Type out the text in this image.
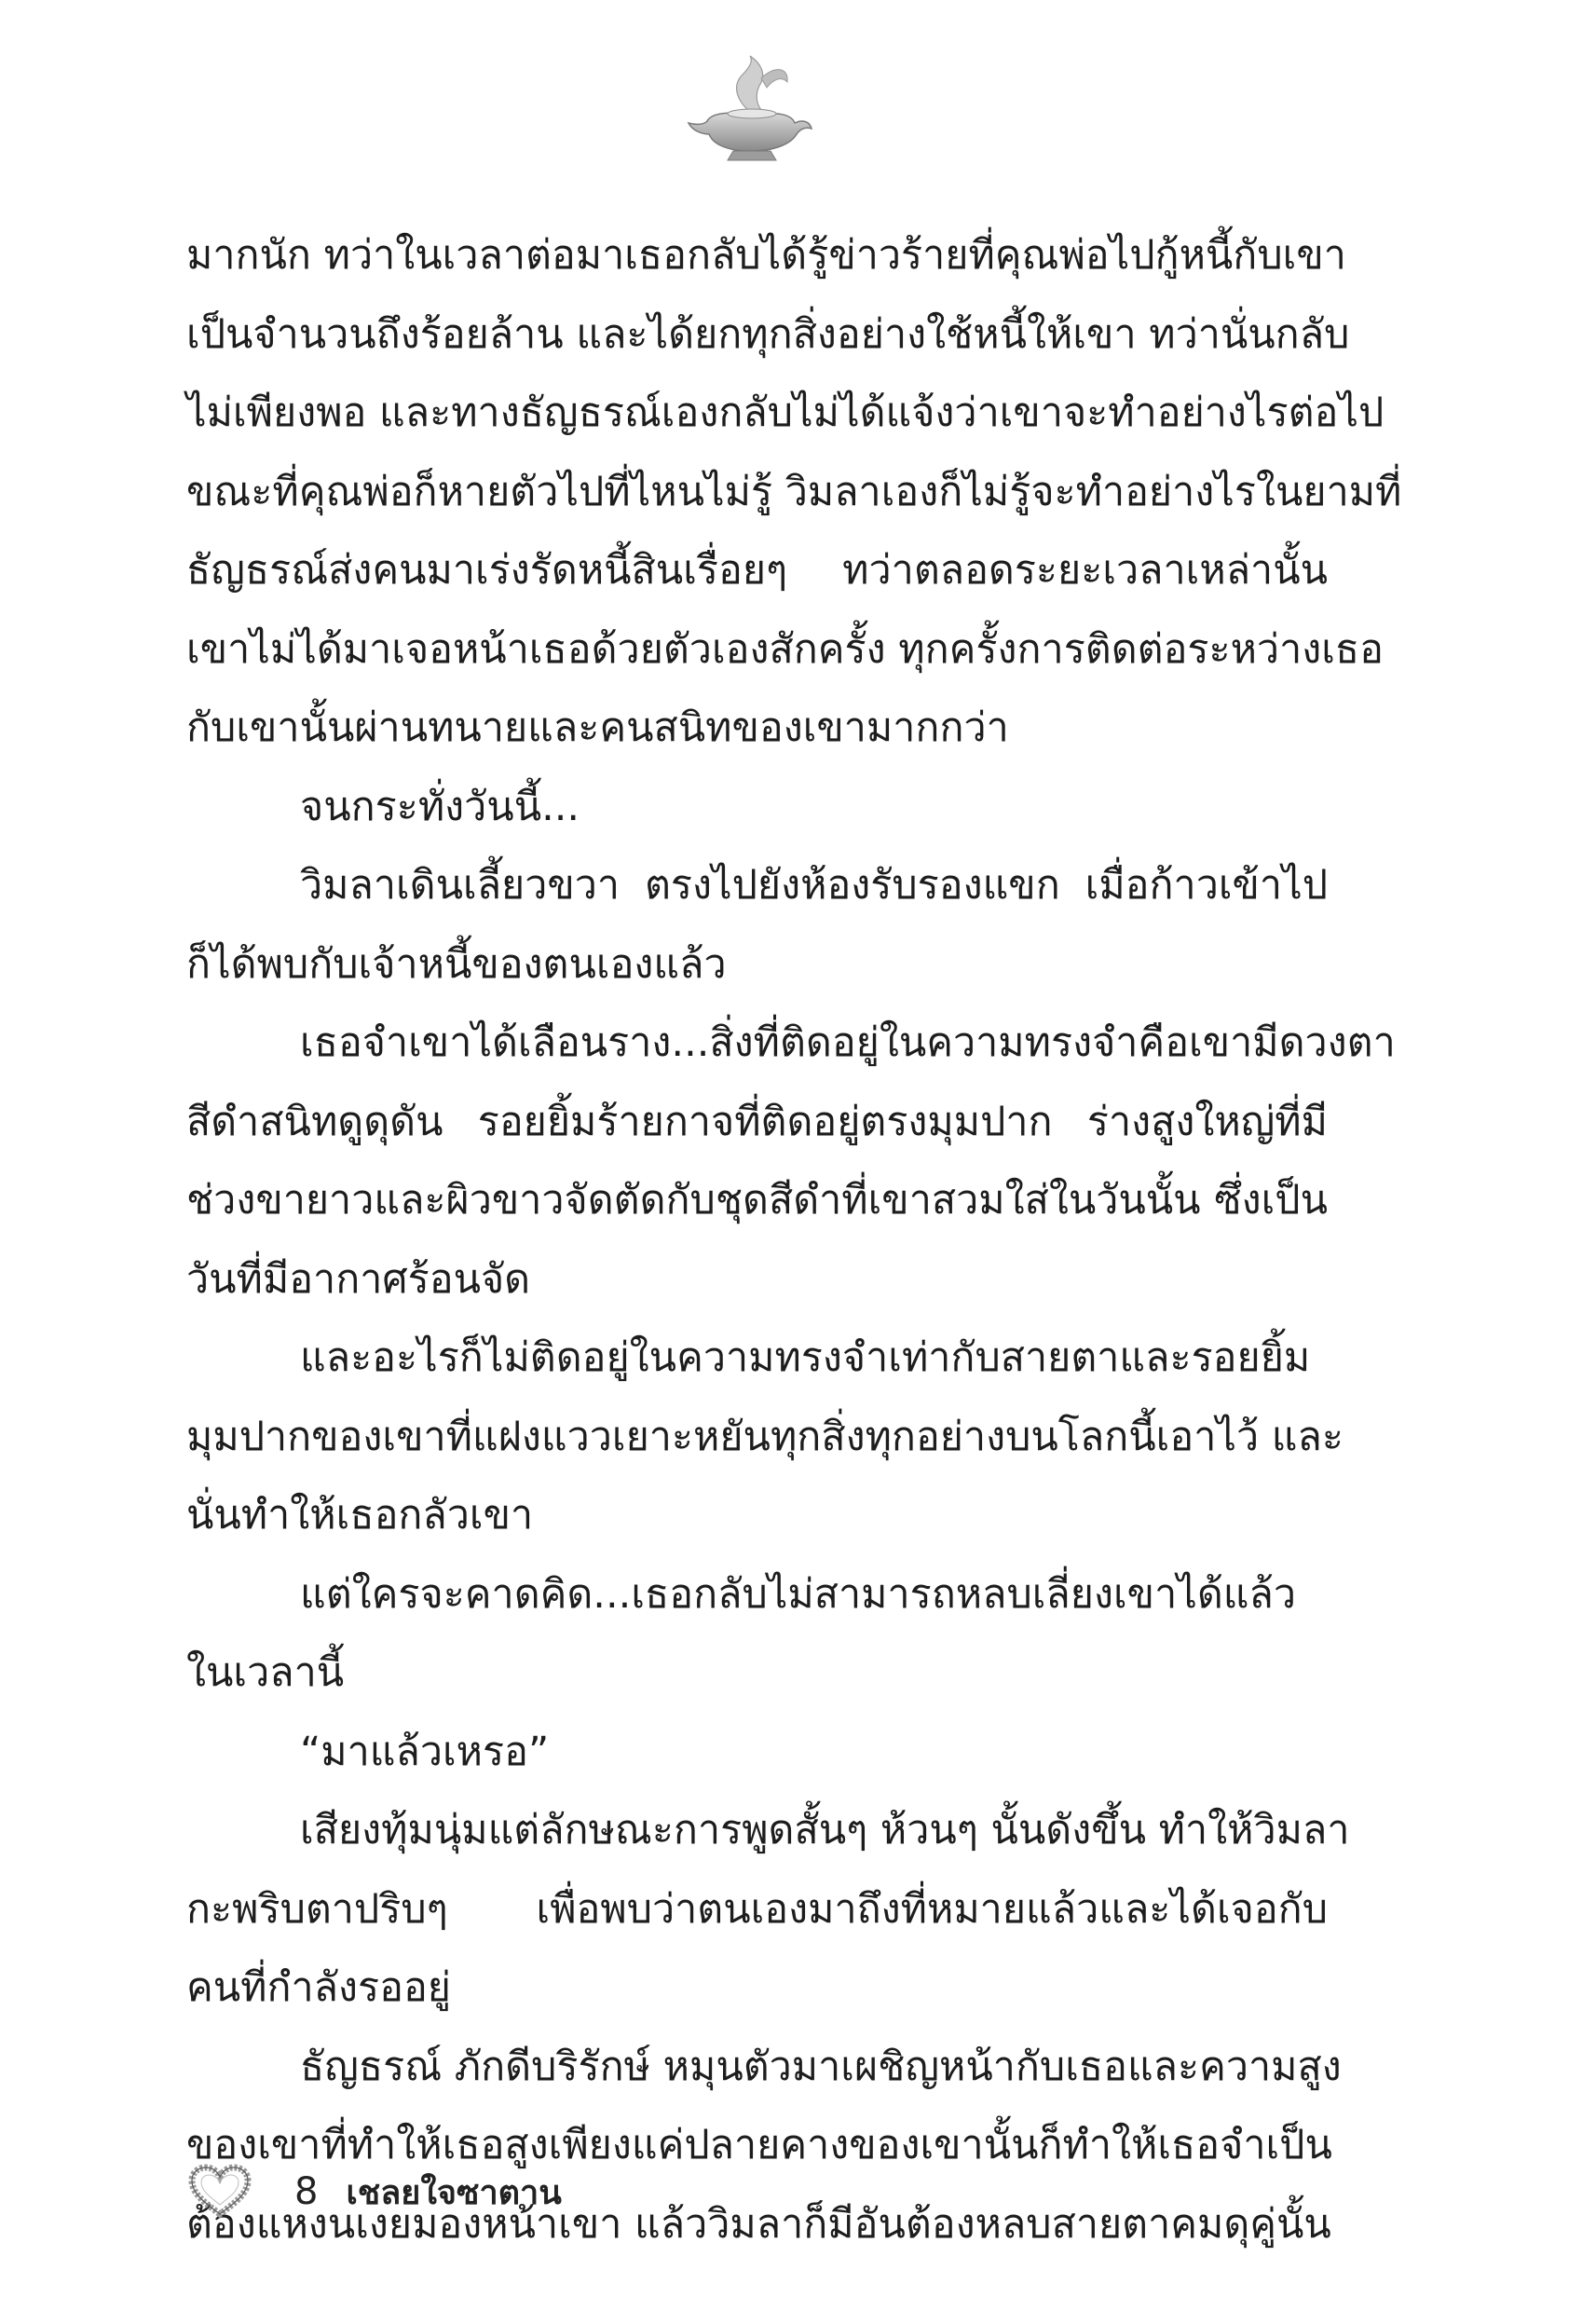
มากนัก ทว่าในเวลาต่อมาเธอกลับได้รู้ข่าวร้ายที่คุณพ่อไปกู้หนี้กับเขา
เป็นจำนวนถึงร้อยล้าน และได้ยกทุกสิ่งอย่างใช้หนี้ให้เขา ทว่านั่นกลับ
ไม่เพียงพอ และทางธัญธรณ์เองกลับไม่ได้แจ้งว่าเขาจะทำอย่างไรต่อไป
ขณะที่คุณพ่อก็หายตัวไปที่ไหนไม่รู้ วิมลาเองก็ไม่รู้จะทำอย่างไรในยามที่
ธัญธรณ์ส่งคนมาเร่งรัดหนี้สินเรื่อยๆ ทว่าตลอดระยะเวลาเหล่านั้น
เขาไม่ได้มาเจอหน้าเธอด้วยตัวเองสักครั้ง ทุกครั้งการติดต่อระหว่างเธอ
กับเขานั้นผ่านทนายและคนสนิทของเขามากกว่า
จนกระทั่งวันนี้...
วิมลาเดินเลี้ยวขวา ตรงไปยังห้องรับรองแขก เมื่อก้าวเข้าไป
ก็ได้พบกับเจ้าหนี้ของตนเองแล้ว
เธอจำเขาได้เลือนราง...สิ่งที่ติดอยู่ในความทรงจำคือเขามีดวงตา
สีดำสนิทดูดุดัน รอยยิ้มร้ายกาจที่ติดอยู่ตรงมุมปาก ร่างสูงใหญ่ที่มี
ช่วงขายาวและผิวขาวจัดตัดกับชุดสีดำที่เขาสวมใส่ในวันนั้น ซึ่งเป็น
วันที่มีอากาศร้อนจัด
และอะไรก็ไม่ติดอยู่ในความทรงจำเท่ากับสายตาและรอยยิ้ม
มุมปากของเขาที่แฝงแววเยาะหยันทุกสิ่งทุกอย่างบนโลกนี้เอาไว้ และ
นั่นทำให้เธอกลัวเขา
แต่ใครจะคาดคิด...เธอกลับไม่สามารถหลบเลี่ยงเขาได้แล้ว
ในเวลานี้
“มาแล้วเหรอ”
เสียงทุ้มนุ่มแต่ลักษณะการพูดสั้นๆ ห้วนๆ นั้นดังขึ้น ทำให้วิมลา
กะพริบตาปริบๆ เพื่อพบว่าตนเองมาถึงที่หมายแล้วและได้เจอกับ
คนที่กำลังรออยู่
ธัญธรณ์ ภักดีบริรักษ์ หมุนตัวมาเผชิญหน้ากับเธอและความสูง
ของเขาที่ทำให้เธอสูงเพียงแค่ปลายคางของเขานั้นก็ทำให้เธอจำเป็น
ต้องแหงนเงยมองหน้าเขา แล้ววิมลาก็มีอันต้องหลบสายตาคมดุคู่นั้น
8 เชลยใจซาตาน
